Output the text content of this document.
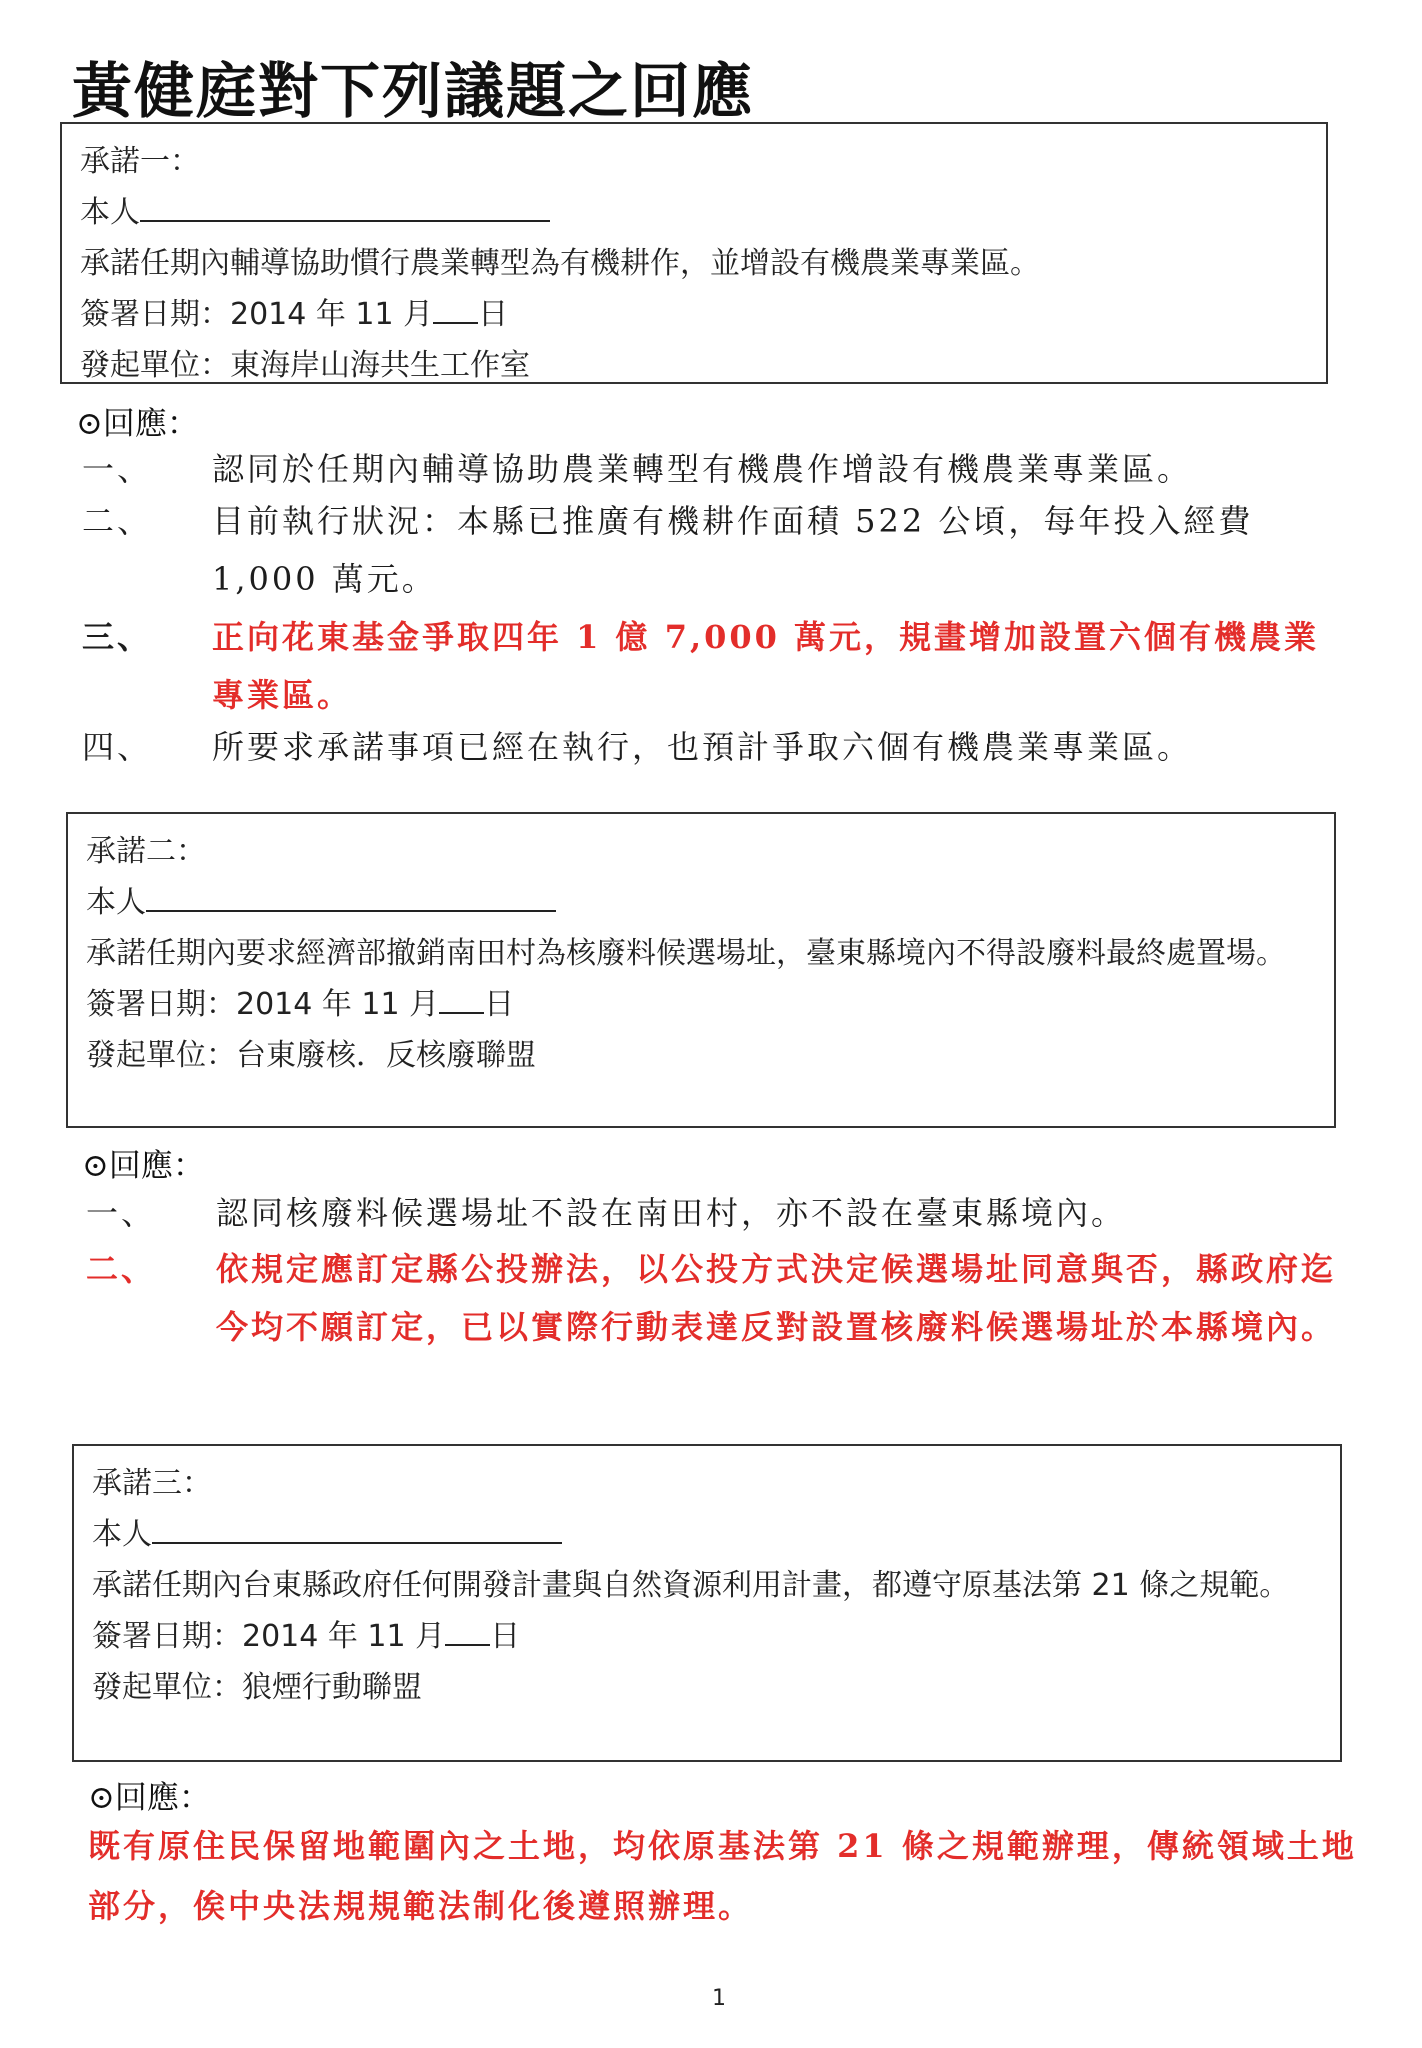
黃健庭對下列議題之回應
承諾一：
本人
承諾任期內輔導協助慣行農業轉型為有機耕作，並增設有機農業專業區。
簽署日期：2014 年 11 月 日
發起單位：東海岸山海共生工作室
⊙回應：
一、	認同於任期內輔導協助農業轉型有機農作增設有機農業專業區。
二、	目前執行狀況：本縣已推廣有機耕作面積 522 公頃，每年投入經費 1,000 萬元。
三、	正向花東基金爭取四年 1 億 7,000 萬元，規畫增加設置六個有機農業專業區。
四、	所要求承諾事項已經在執行，也預計爭取六個有機農業專業區。
承諾二：
本人
承諾任期內要求經濟部撤銷南田村為核廢料候選場址，臺東縣境內不得設廢料最終處置場。
簽署日期：2014 年 11 月 日
發起單位：台東廢核．反核廢聯盟
⊙回應：
一、	認同核廢料候選場址不設在南田村，亦不設在臺東縣境內。
二、	依規定應訂定縣公投辦法，以公投方式決定候選場址同意與否，縣政府迄今均不願訂定，已以實際行動表達反對設置核廢料候選場址於本縣境內。
承諾三：
本人
承諾任期內台東縣政府任何開發計畫與自然資源利用計畫，都遵守原基法第 21 條之規範。
簽署日期：2014 年 11 月 日
發起單位：狼煙行動聯盟
⊙回應：
既有原住民保留地範圍內之土地，均依原基法第 21 條之規範辦理，傳統領域土地部分，俟中央法規規範法制化後遵照辦理。
1
